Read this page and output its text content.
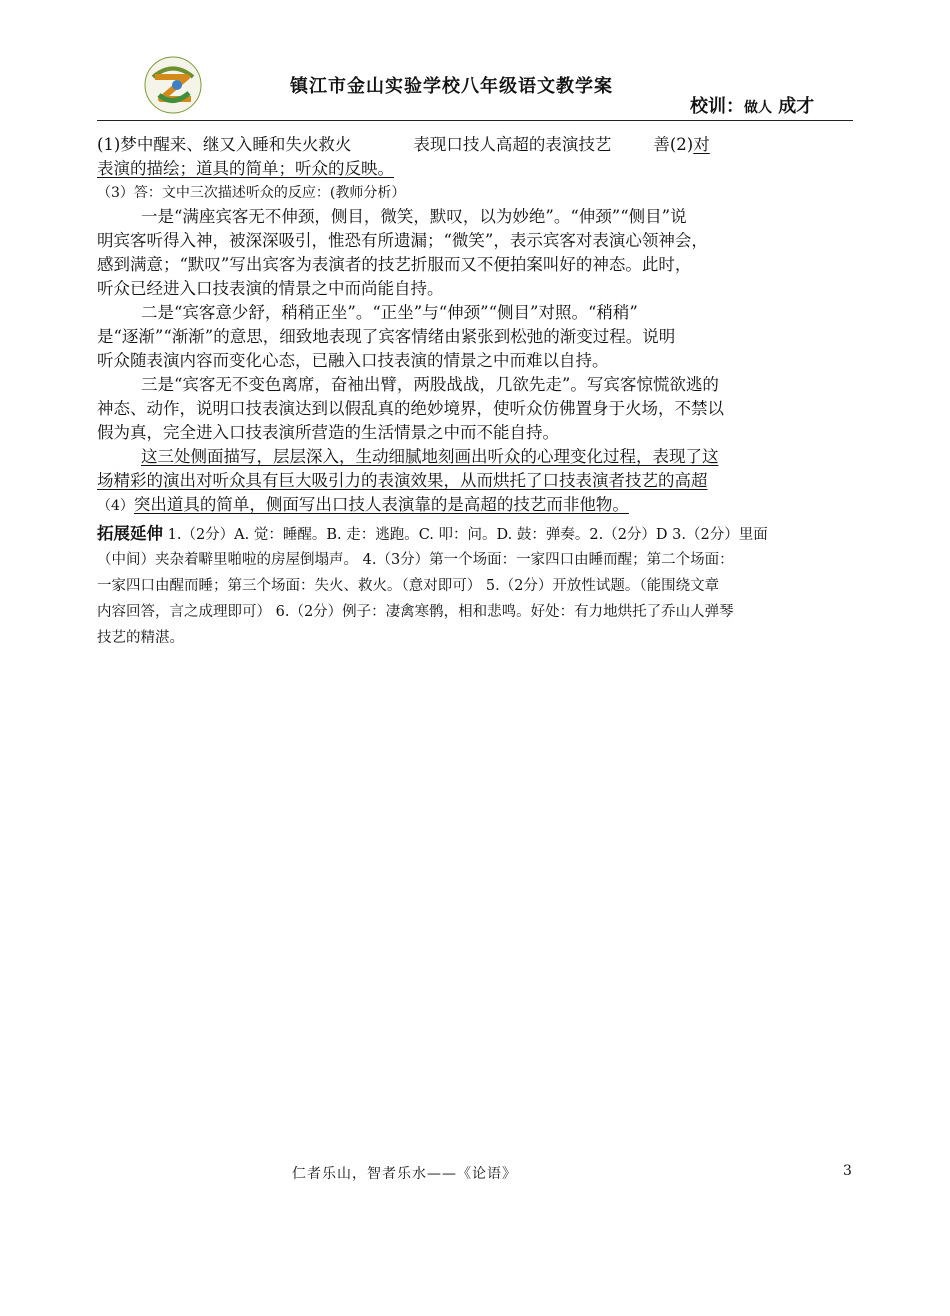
镇江市金山实验学校八年级语文教学案
校训：做人 成才
(1)梦中醒来、继又入睡和失火救火	表现口技人高超的表演技艺	善(2)对
表演的描绘；道具的简单；听众的反映。
（3）答：文中三次描述听众的反应：(教师分析）
一是“满座宾客无不伸颈，侧目，微笑，默叹，以为妙绝”。“伸颈”“侧目”说
明宾客听得入神，被深深吸引，惟恐有所遗漏；“微笑”，表示宾客对表演心领神会，
感到满意；“默叹”写出宾客为表演者的技艺折服而又不便拍案叫好的神态。此时，
听众已经进入口技表演的情景之中而尚能自持。
二是“宾客意少舒，稍稍正坐”。“正坐”与“伸颈”“侧目”对照。“稍稍”
是“逐渐”“渐渐”的意思，细致地表现了宾客情绪由紧张到松弛的渐变过程。说明
听众随表演内容而变化心态，已融入口技表演的情景之中而难以自持。
三是“宾客无不变色离席，奋袖出臂，两股战战，几欲先走”。写宾客惊慌欲逃的
神态、动作，说明口技表演达到以假乱真的绝妙境界，使听众仿佛置身于火场，不禁以
假为真，完全进入口技表演所营造的生活情景之中而不能自持。
这三处侧面描写，层层深入，生动细腻地刻画出听众的心理变化过程，表现了这
场精彩的演出对听众具有巨大吸引力的表演效果，从而烘托了口技表演者技艺的高超
（4）突出道具的简单，侧面写出口技人表演靠的是高超的技艺而非他物。
拓展延伸 1.（2分）A. 觉：睡醒。B. 走：逃跑。C. 叩：问。D. 鼓：弹奏。2.（2分）D 3.（2分）里面
（中间）夹杂着噼里啪啦的房屋倒塌声。 4.（3分）第一个场面：一家四口由睡而醒；第二个场面：
一家四口由醒而睡；第三个场面：失火、救火。（意对即可） 5.（2分）开放性试题。（能围绕文章
内容回答，言之成理即可） 6.（2分）例子：凄禽寒鹘，相和悲鸣。好处：有力地烘托了乔山人弹琴
技艺的精湛。
仁者乐山，智者乐水——《论语》	3
